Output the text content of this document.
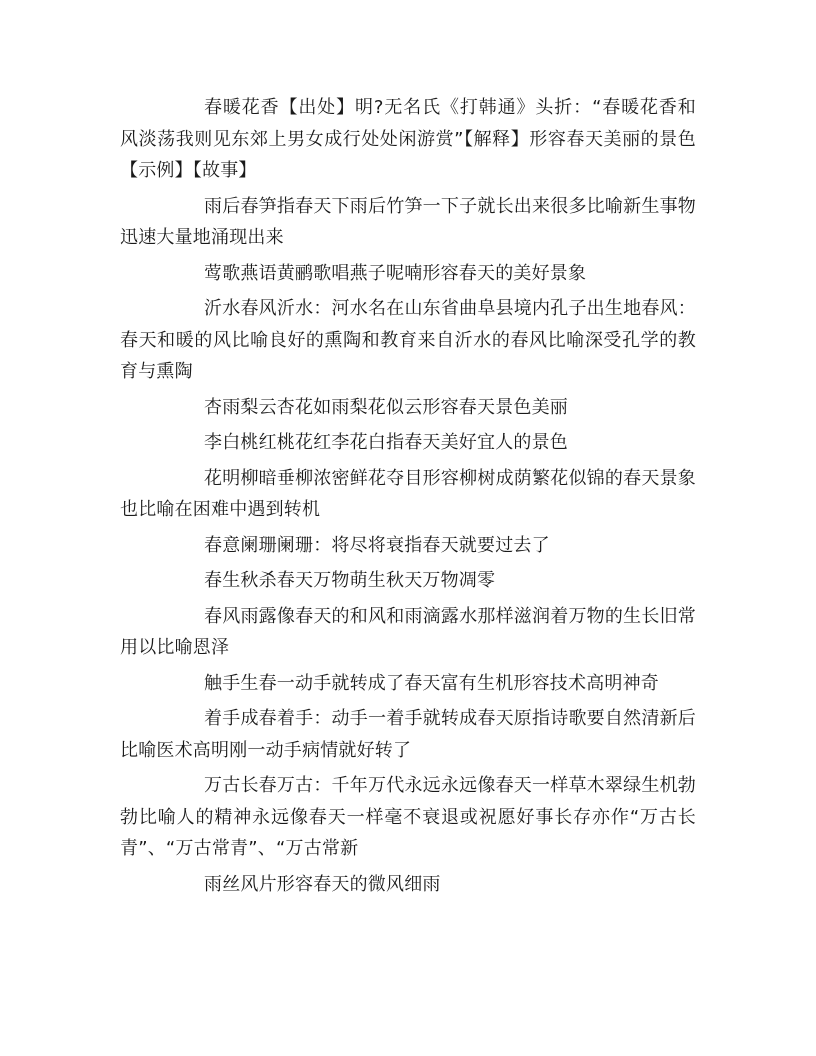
春暖花香【出处】明?无名氏《打韩通》头折：“春暖花香和风淡荡我则见东郊上男女成行处处闲游赏”【解释】形容春天美丽的景色【示例】【故事】

雨后春笋指春天下雨后竹笋一下子就长出来很多比喻新生事物迅速大量地涌现出来

莺歌燕语黄鹂歌唱燕子呢喃形容春天的美好景象

沂水春风沂水：河水名在山东省曲阜县境内孔子出生地春风：春天和暖的风比喻良好的熏陶和教育来自沂水的春风比喻深受孔学的教育与熏陶

杏雨梨云杏花如雨梨花似云形容春天景色美丽

李白桃红桃花红李花白指春天美好宜人的景色

花明柳暗垂柳浓密鲜花夺目形容柳树成荫繁花似锦的春天景象也比喻在困难中遇到转机

春意阑珊阑珊：将尽将衰指春天就要过去了

春生秋杀春天万物萌生秋天万物凋零

春风雨露像春天的和风和雨滴露水那样滋润着万物的生长旧常用以比喻恩泽

触手生春一动手就转成了春天富有生机形容技术高明神奇

着手成春着手：动手一着手就转成春天原指诗歌要自然清新后比喻医术高明刚一动手病情就好转了

万古长春万古：千年万代永远永远像春天一样草木翠绿生机勃勃比喻人的精神永远像春天一样毫不衰退或祝愿好事长存亦作“万古长青”、“万古常青”、“万古常新

雨丝风片形容春天的微风细雨
